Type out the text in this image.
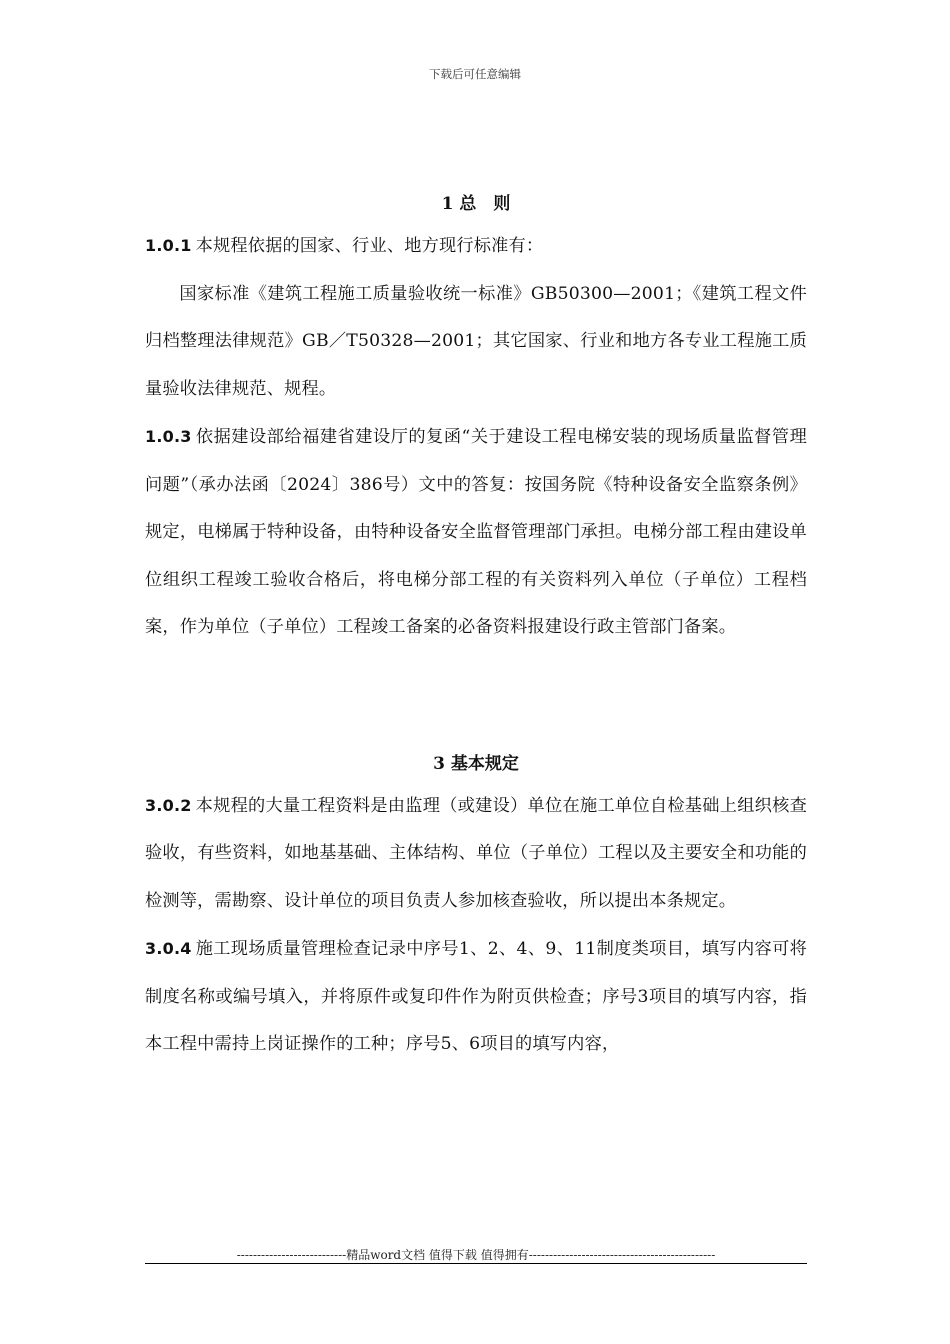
下载后可任意编辑
1 总　则

1.0.1 本规程依据的国家、行业、地方现行标准有：

国家标准《建筑工程施工质量验收统一标准》GB50300—2001；《建筑工程文件归档整理法律规范》GB／T50328—2001；其它国家、行业和地方各专业工程施工质量验收法律规范、规程。

1.0.3 依据建设部给福建省建设厅的复函“关于建设工程电梯安装的现场质量监督管理问题”（承办法函〔2024〕386号）文中的答复：按国务院《特种设备安全监察条例》规定，电梯属于特种设备，由特种设备安全监督管理部门承担。电梯分部工程由建设单位组织工程竣工验收合格后，将电梯分部工程的有关资料列入单位（子单位）工程档案，作为单位（子单位）工程竣工备案的必备资料报建设行政主管部门备案。

3 基本规定

3.0.2 本规程的大量工程资料是由监理（或建设）单位在施工单位自检基础上组织核查验收，有些资料，如地基基础、主体结构、单位（子单位）工程以及主要安全和功能的检测等，需勘察、设计单位的项目负责人参加核查验收，所以提出本条规定。

3.0.4 施工现场质量管理检查记录中序号1、2、4、9、11制度类项目，填写内容可将制度名称或编号填入，并将原件或复印件作为附页供检查；序号3项目的填写内容，指本工程中需持上岗证操作的工种；序号5、6项目的填写内容，

---------------------------精品word文档 值得下载 值得拥有----------------------------------------------
